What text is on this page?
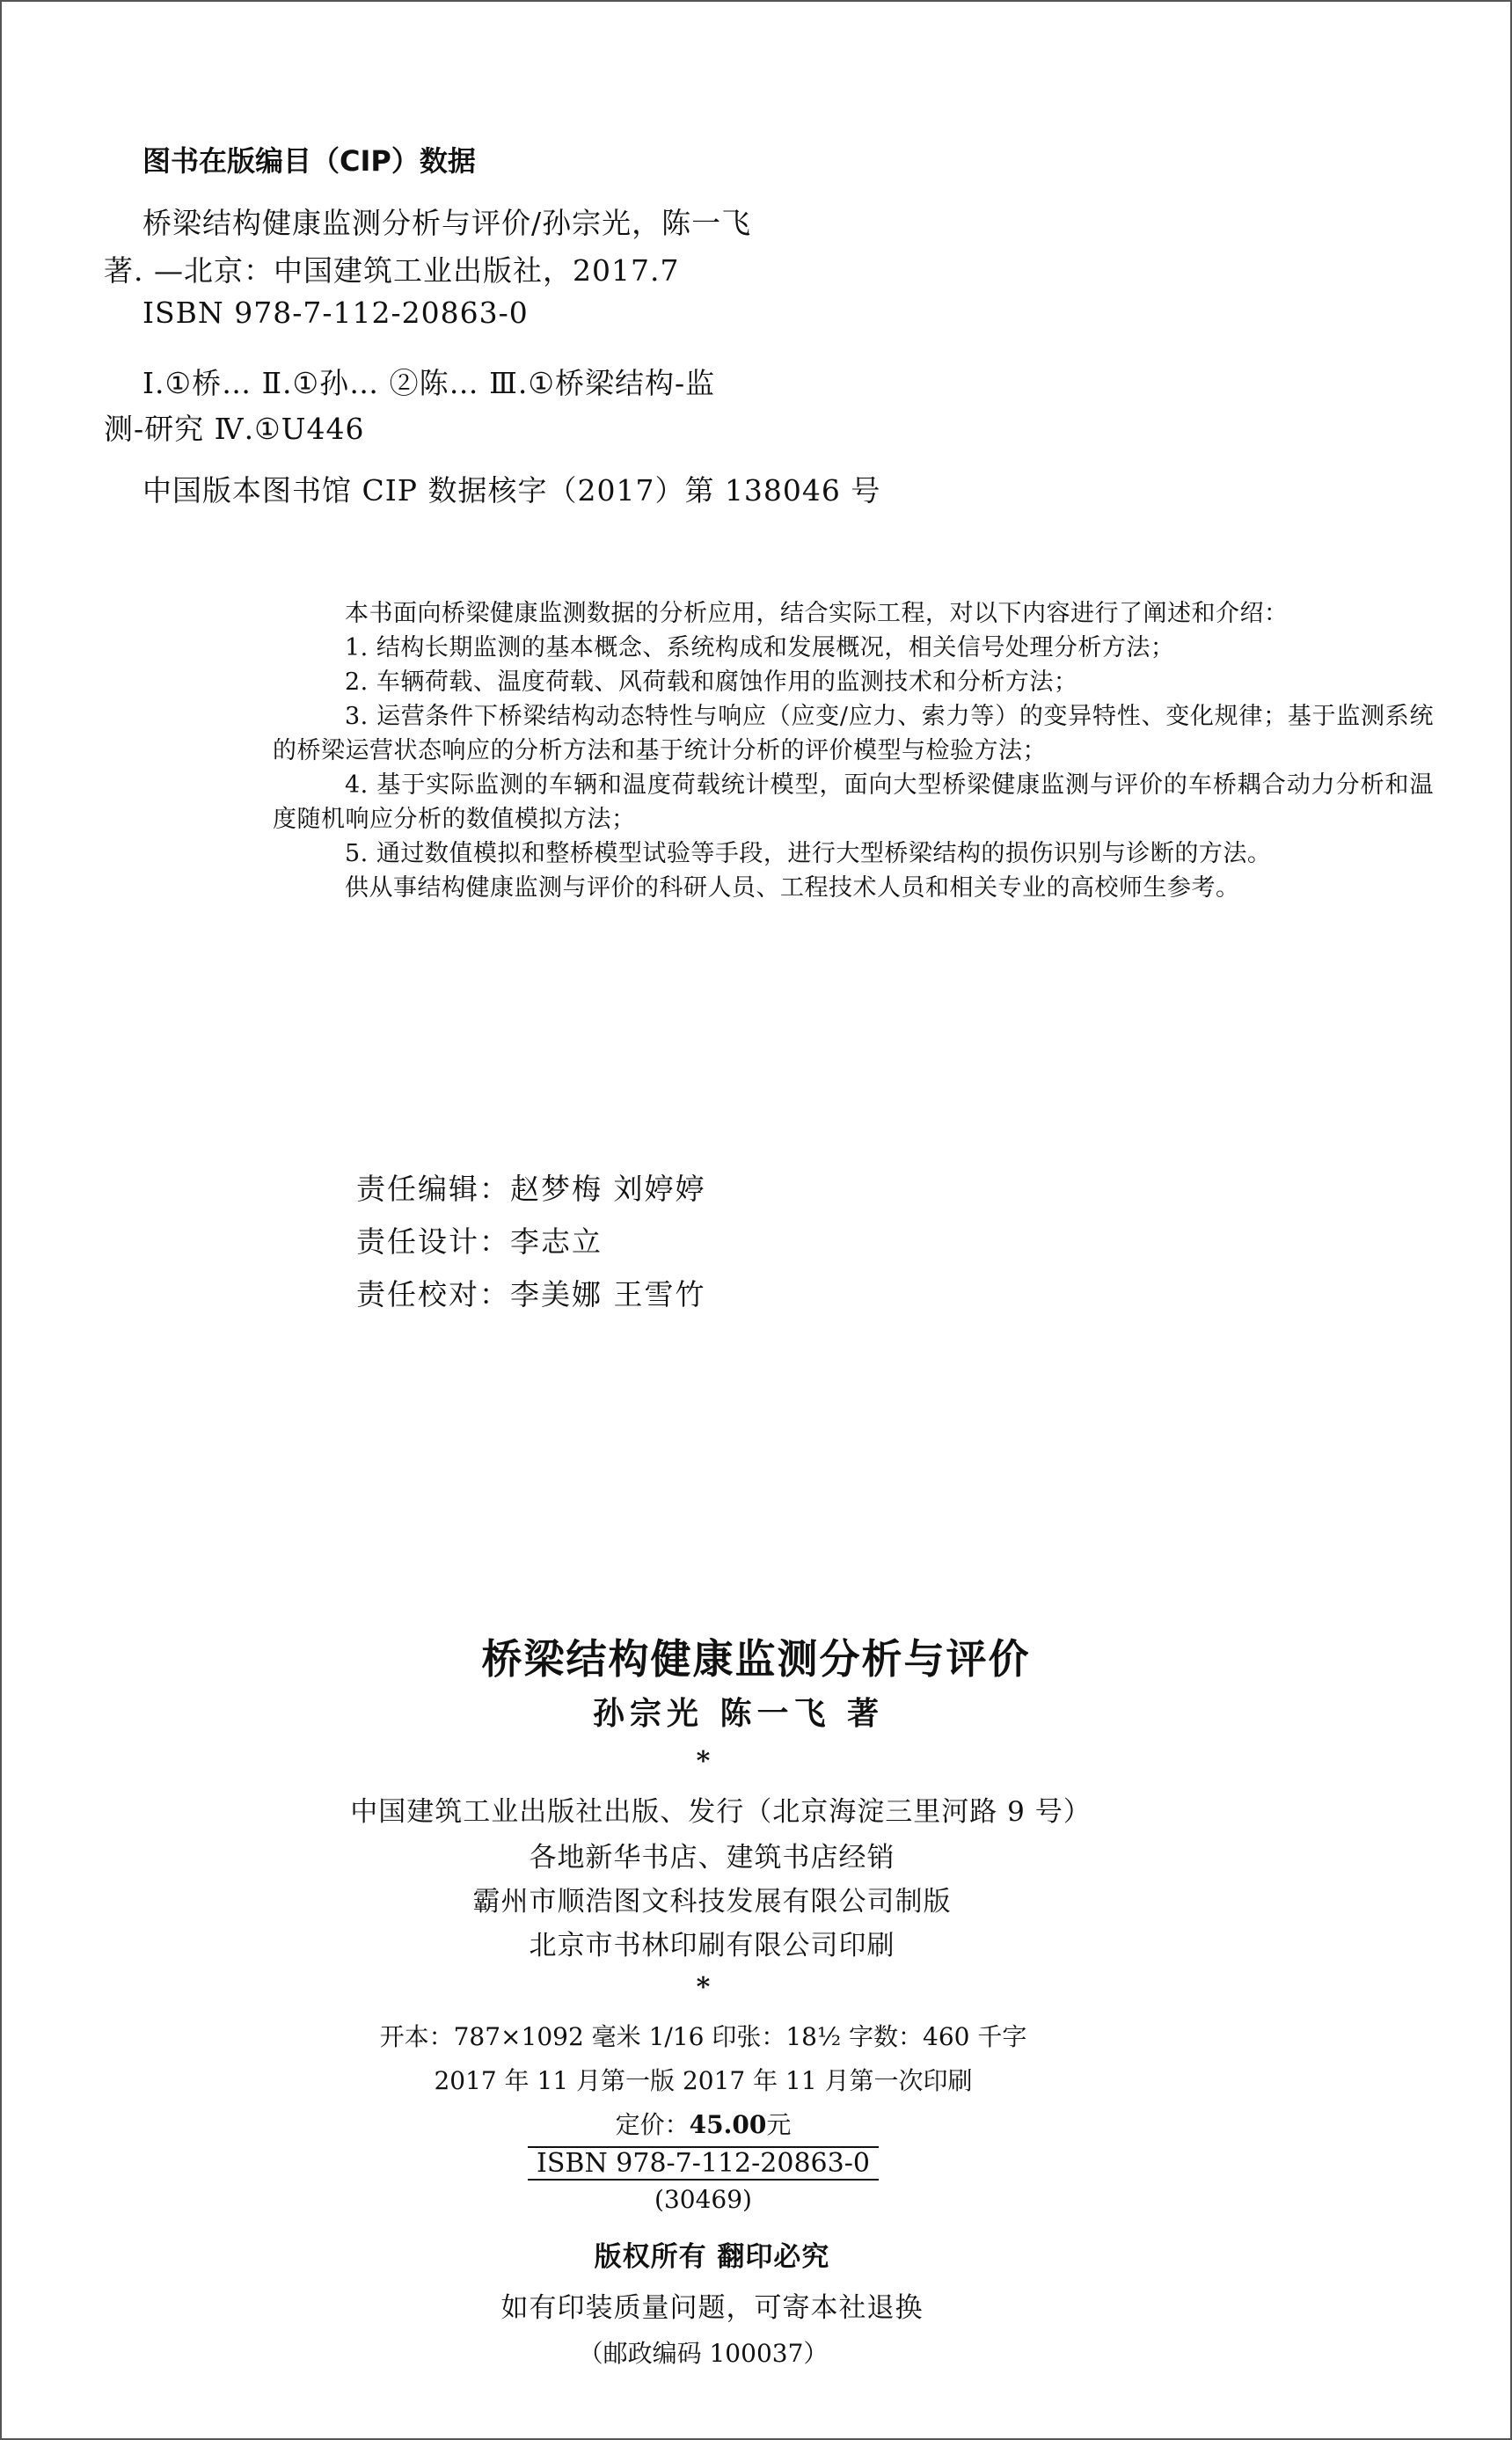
图书在版编目（CIP）数据
桥梁结构健康监测分析与评价/孙宗光，陈一飞
著. —北京：中国建筑工业出版社，2017.7
ISBN 978-7-112-20863-0
Ⅰ.①桥… Ⅱ.①孙… ②陈… Ⅲ.①桥梁结构-监
测-研究 Ⅳ.①U446
中国版本图书馆 CIP 数据核字（2017）第 138046 号

本书面向桥梁健康监测数据的分析应用，结合实际工程，对以下内容进行了阐述和介绍：

1. 结构长期监测的基本概念、系统构成和发展概况，相关信号处理分析方法；

2. 车辆荷载、温度荷载、风荷载和腐蚀作用的监测技术和分析方法；

3. 运营条件下桥梁结构动态特性与响应（应变/应力、索力等）的变异特性、变化规律；基于监测系统的桥梁运营状态响应的分析方法和基于统计分析的评价模型与检验方法；

4. 基于实际监测的车辆和温度荷载统计模型，面向大型桥梁健康监测与评价的车桥耦合动力分析和温度随机响应分析的数值模拟方法；

5. 通过数值模拟和整桥模型试验等手段，进行大型桥梁结构的损伤识别与诊断的方法。

供从事结构健康监测与评价的科研人员、工程技术人员和相关专业的高校师生参考。

责任编辑：赵梦梅 刘婷婷
责任设计：李志立
责任校对：李美娜 王雪竹
桥梁结构健康监测分析与评价
孙宗光 陈一飞 著
*
中国建筑工业出版社出版、发行（北京海淀三里河路 9 号）
各地新华书店、建筑书店经销
霸州市顺浩图文科技发展有限公司制版
北京市书林印刷有限公司印刷
*
开本：787×1092 毫米 1/16 印张：18½ 字数：460 千字
2017 年 11 月第一版 2017 年 11 月第一次印刷
定价：45.00元
ISBN 978-7-112-20863-0
(30469)
版权所有 翻印必究
如有印装质量问题，可寄本社退换
（邮政编码 100037）
